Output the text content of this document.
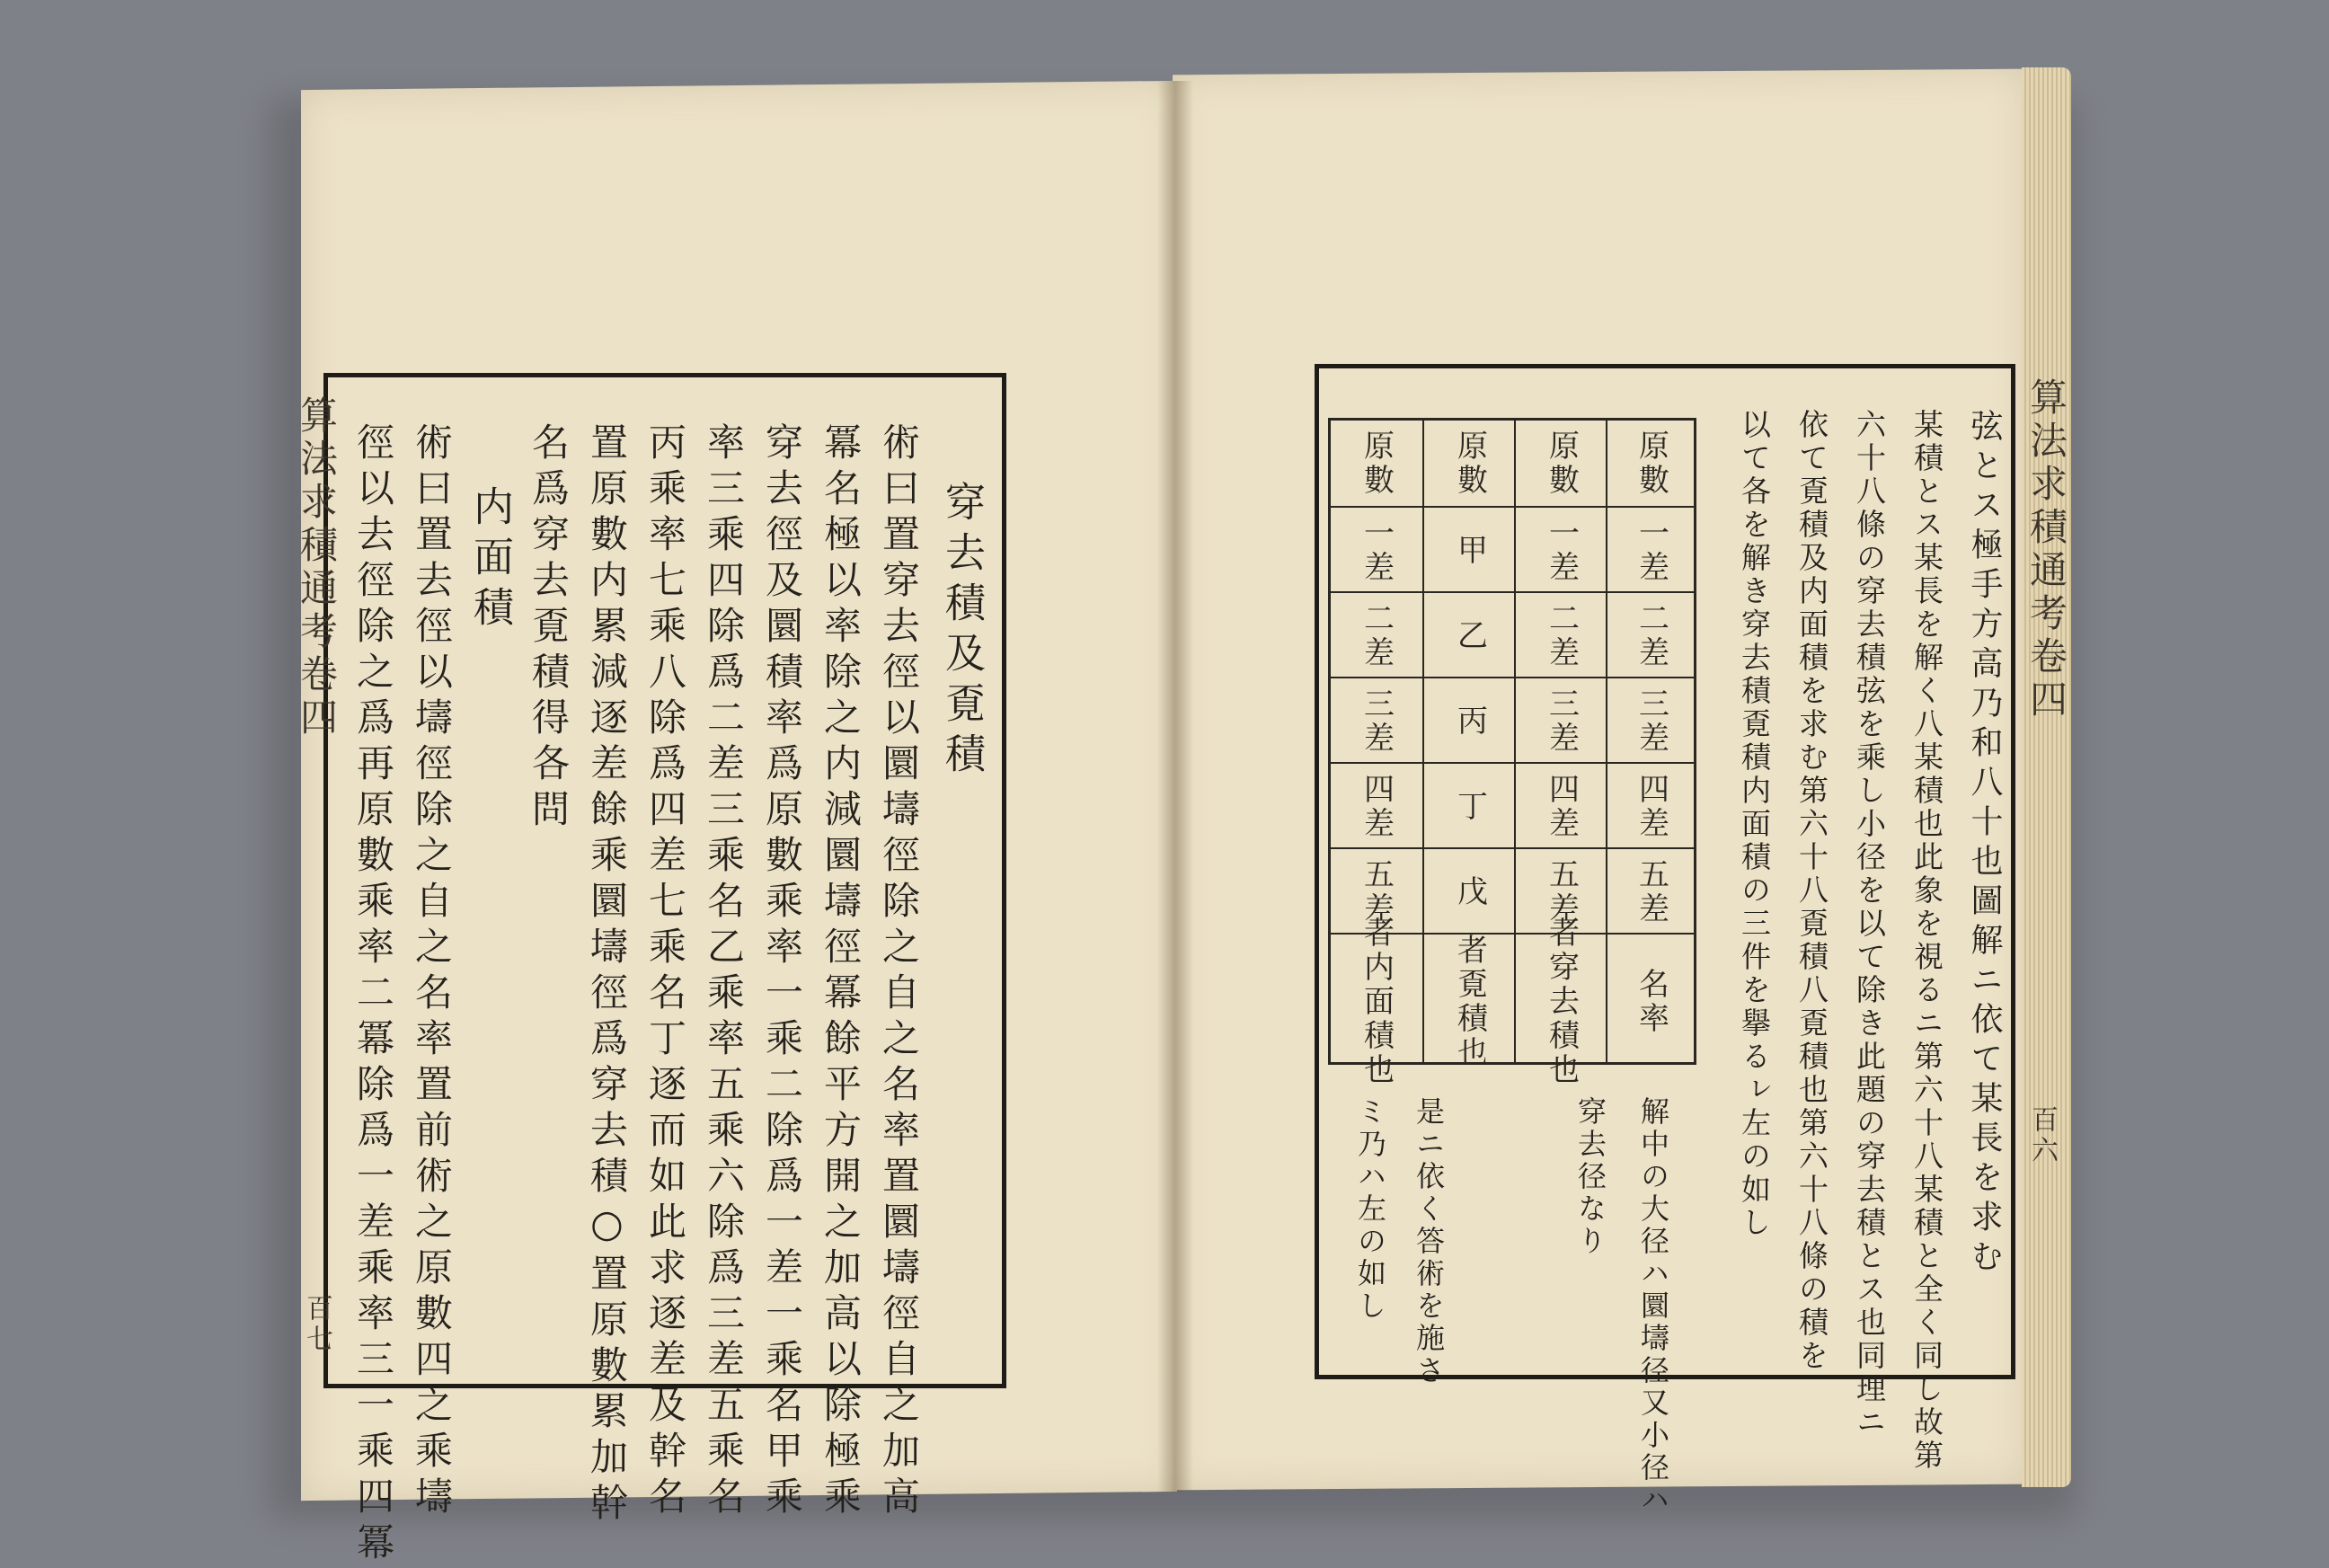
算法求積通考卷四
百七
穿去積及覔積
術曰置穿去徑以圜壔徑除之自之名率置圜壔徑自之加高
冪名極以率除之内減圜壔徑冪餘平方開之加高以除極乘
穿去徑及圜積率爲原數乘率一乘二除爲一差一乘名甲乘
率三乘四除爲二差三乘名乙乘率五乘六除爲三差五乘名
丙乘率七乘八除爲四差七乘名丁逐而如此求逐差及幹名
置原數内累減逐差餘乘圜壔徑爲穿去積○置原數累加幹
名爲穿去覔積得各問
内面積
術曰置去徑以壔徑除之自之名率置前術之原數四之乘壔
徑以去徑除之爲再原數乘率二冪除爲一差乘率三一乘四冪	算法求積通考卷四
百六
弦とス極手方高乃和八十也圖解ニ依て某長を求む
某積とス某長を解く八某積也此象を視るニ第六十八某積と全く同し故第
六十八條の穿去積弦を乘し小径を以て除き此題の穿去積とス也同理ニ
依て覔積及内面積を求む第六十八覔積八覔積也第六十八條の積を
以て各を解き穿去積覔積内面積の三件を擧るㇾ左の如し
原數
一差
二差
三差
四差
五差
者内面積也
原數
甲
乙
丙
丁
戊
者覔積也
原數
一差
二差
三差
四差
五差
者穿去積也
原數
一差
二差
三差
四差
五差
名率
解中の大径ハ圜壔径又小径ハ
穿去径なり
是ニ依く答術を施さ
ミ乃ハ左の如し
